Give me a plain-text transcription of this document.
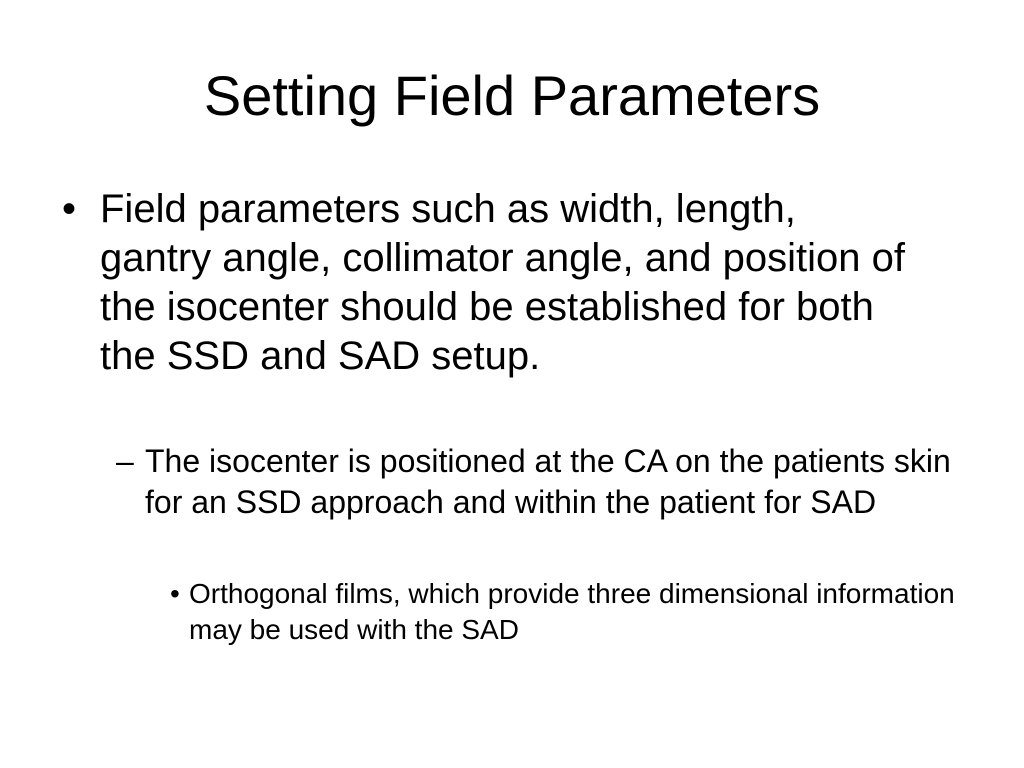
Setting Field Parameters
• Field parameters such as width, length, gantry angle, collimator angle, and position of the isocenter should be established for both the SSD and SAD setup.
– The isocenter is positioned at the CA on the patients skin for an SSD approach and within the patient for SAD
• Orthogonal films, which provide three dimensional information may be used with the SAD
